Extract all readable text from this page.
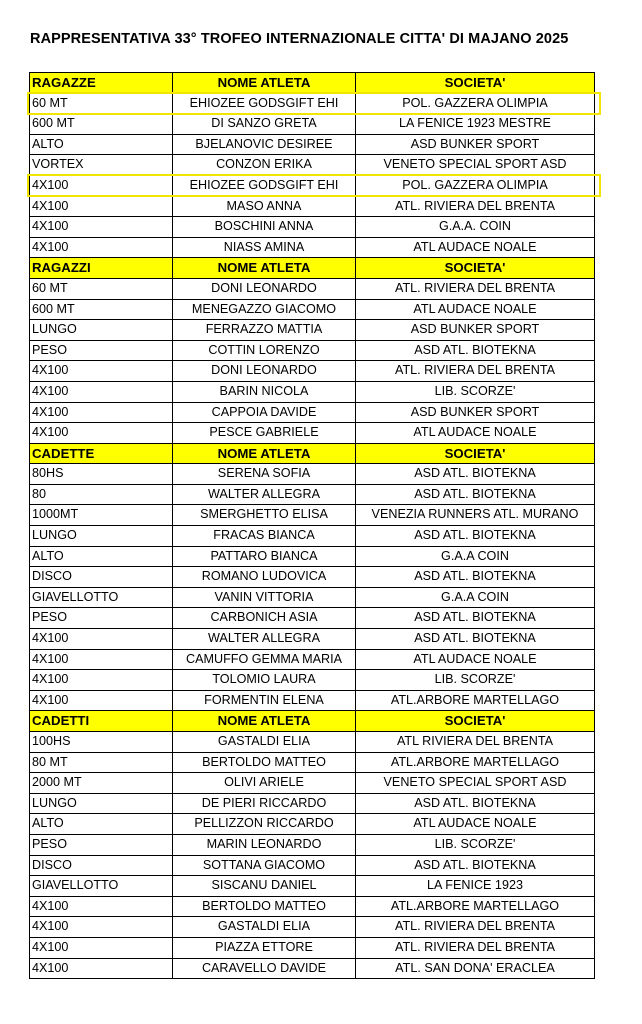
RAPPRESENTATIVA 33° TROFEO INTERNAZIONALE CITTA' DI MAJANO 2025
RAGAZZE	NOME ATLETA	SOCIETA'
60 MT	EHIOZEE GODSGIFT EHI	POL. GAZZERA OLIMPIA
600 MT	DI SANZO GRETA	LA FENICE 1923 MESTRE
ALTO	BJELANOVIC DESIREE	ASD BUNKER SPORT
VORTEX	CONZON ERIKA	VENETO SPECIAL SPORT ASD
4X100	EHIOZEE GODSGIFT EHI	POL. GAZZERA OLIMPIA
4X100	MASO ANNA	ATL. RIVIERA DEL BRENTA
4X100	BOSCHINI ANNA	G.A.A. COIN
4X100	NIASS AMINA	ATL AUDACE NOALE
RAGAZZI	NOME ATLETA	SOCIETA'
60 MT	DONI LEONARDO	ATL. RIVIERA DEL BRENTA
600 MT	MENEGAZZO GIACOMO	ATL AUDACE NOALE
LUNGO	FERRAZZO MATTIA	ASD BUNKER SPORT
PESO	COTTIN LORENZO	ASD ATL. BIOTEKNA
4X100	DONI LEONARDO	ATL. RIVIERA DEL BRENTA
4X100	BARIN NICOLA	LIB. SCORZE'
4X100	CAPPOIA DAVIDE	ASD BUNKER SPORT
4X100	PESCE GABRIELE	ATL AUDACE NOALE
CADETTE	NOME ATLETA	SOCIETA'
80HS	SERENA SOFIA	ASD ATL. BIOTEKNA
80	WALTER ALLEGRA	ASD ATL. BIOTEKNA
1000MT	SMERGHETTO ELISA	VENEZIA RUNNERS ATL. MURANO
LUNGO	FRACAS BIANCA	ASD ATL. BIOTEKNA
ALTO	PATTARO BIANCA	G.A.A COIN
DISCO	ROMANO LUDOVICA	ASD ATL. BIOTEKNA
GIAVELLOTTO	VANIN VITTORIA	G.A.A COIN
PESO	CARBONICH ASIA	ASD ATL. BIOTEKNA
4X100	WALTER ALLEGRA	ASD ATL. BIOTEKNA
4X100	CAMUFFO GEMMA MARIA	ATL AUDACE NOALE
4X100	TOLOMIO LAURA	LIB. SCORZE'
4X100	FORMENTIN ELENA	ATL.ARBORE MARTELLAGO
CADETTI	NOME ATLETA	SOCIETA'
100HS	GASTALDI ELIA	ATL RIVIERA DEL BRENTA
80 MT	BERTOLDO MATTEO	ATL.ARBORE MARTELLAGO
2000 MT	OLIVI ARIELE	VENETO SPECIAL SPORT ASD
LUNGO	DE PIERI RICCARDO	ASD ATL. BIOTEKNA
ALTO	PELLIZZON RICCARDO	ATL AUDACE NOALE
PESO	MARIN LEONARDO	LIB. SCORZE'
DISCO	SOTTANA GIACOMO	ASD ATL. BIOTEKNA
GIAVELLOTTO	SISCANU DANIEL	LA FENICE 1923
4X100	BERTOLDO MATTEO	ATL.ARBORE MARTELLAGO
4X100	GASTALDI ELIA	ATL. RIVIERA DEL BRENTA
4X100	PIAZZA ETTORE	ATL. RIVIERA DEL BRENTA
4X100	CARAVELLO DAVIDE	ATL. SAN DONA' ERACLEA
